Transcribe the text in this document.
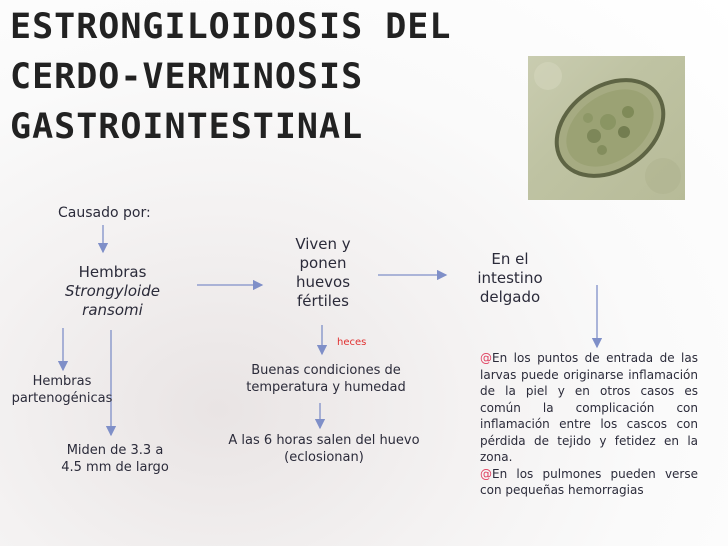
ESTRONGILOIDOSIS DEL
CERDO-VERMINOSIS
GASTROINTESTINAL
Causado por:
Hembras
Strongyloide
ransomi
Viven y
ponen
huevos
fértiles
heces
En el
intestino
delgado
Hembras
partenogénicas
Miden de 3.3 a
4.5 mm de largo
Buenas condiciones de
temperatura y humedad
A las 6 horas salen del huevo
(eclosionan)

@En los puntos de entrada de las larvas puede originarse inflamación de la piel y en otros casos es común la complicación con inflamación entre los cascos con pérdida de tejido y fetidez en la zona.

@En los pulmones pueden verse con pequeñas hemorragias
